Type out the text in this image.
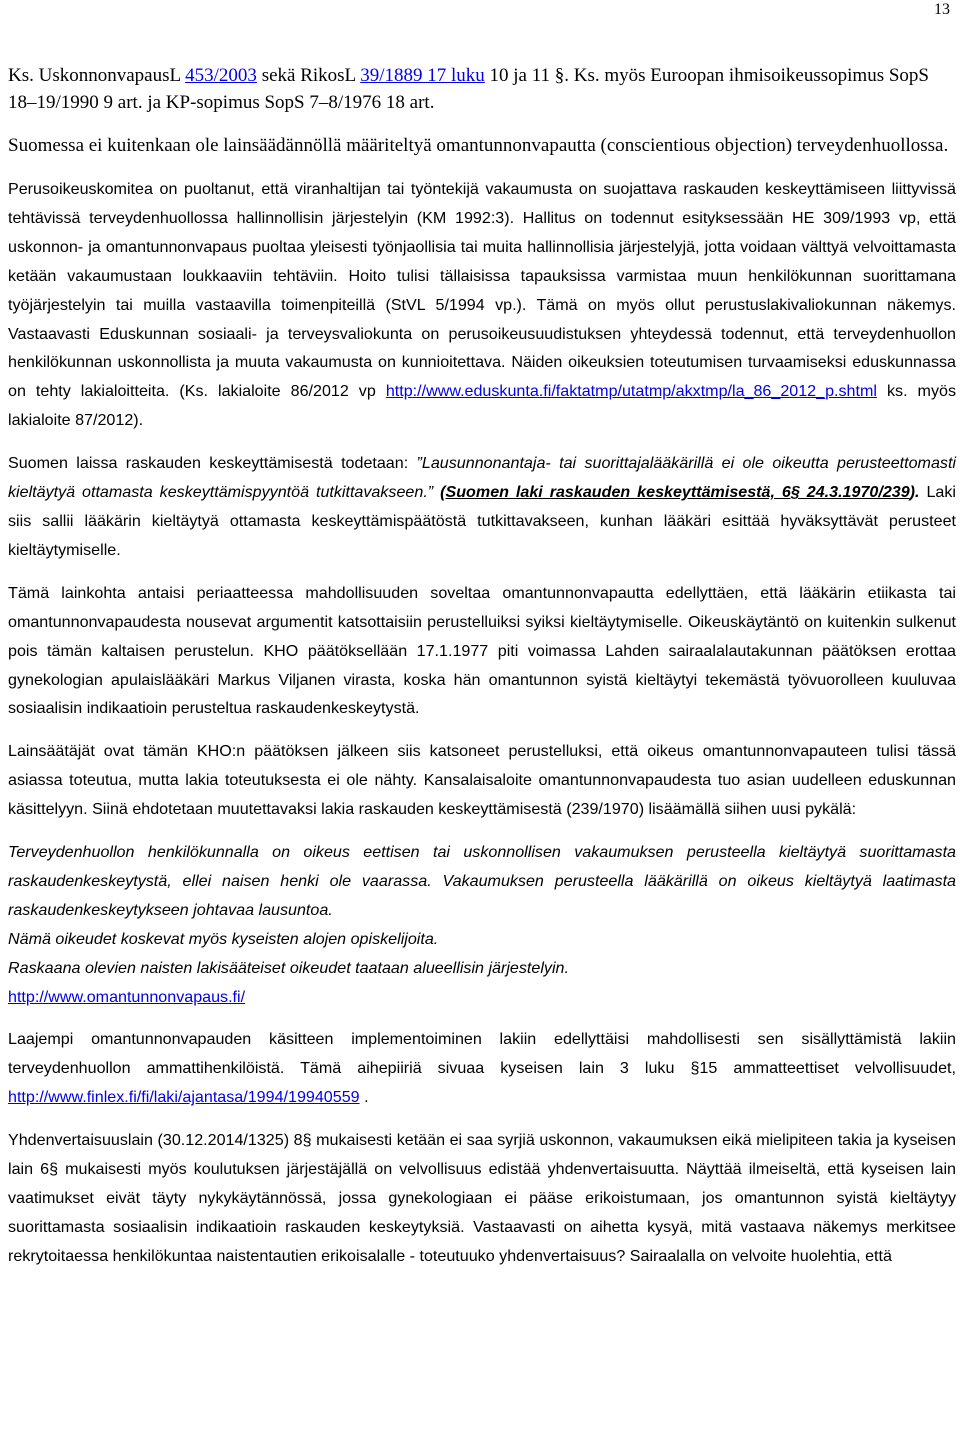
13

Ks. UskonnonvapausL 453/2003 sekä RikosL 39/1889 17 luku 10 ja 11 §. Ks. myös Euroopan ihmisoikeussopimus SopS 18–19/1990 9 art. ja KP-sopimus SopS 7–8/1976 18 art.

Suomessa ei kuitenkaan ole lainsäädännöllä määriteltyä omantunnonvapautta (conscientious objection) terveydenhuollossa.

Perusoikeuskomitea on puoltanut, että viranhaltijan tai työntekijä vakaumusta on suojattava raskauden keskeyttämiseen liittyvissä tehtävissä terveydenhuollossa hallinnollisin järjestelyin (KM 1992:3). Hallitus on todennut esityksessään HE 309/1993 vp, että uskonnon- ja omantunnonvapaus puoltaa yleisesti työnjaollisia tai muita hallinnollisia järjestelyjä, jotta voidaan välttyä velvoittamasta ketään vakaumustaan loukkaaviin tehtäviin. Hoito tulisi tällaisissa tapauksissa varmistaa muun henkilökunnan suorittamana työjärjestelyin tai muilla vastaavilla toimenpiteillä (StVL 5/1994 vp.). Tämä on myös ollut perustuslakivaliokunnan näkemys. Vastaavasti Eduskunnan sosiaali- ja terveysvaliokunta on perusoikeusuudistuksen yhteydessä todennut, että terveydenhuollon henkilökunnan uskonnollista ja muuta vakaumusta on kunnioitettava. Näiden oikeuksien toteutumisen turvaamiseksi eduskunnassa on tehty lakialoitteita. (Ks. lakialoite 86/2012 vp http://www.eduskunta.fi/faktatmp/utatmp/akxtmp/la_86_2012_p.shtml ks. myös lakialoite 87/2012).

Suomen laissa raskauden keskeyttämisestä todetaan: ”Lausunnonantaja- tai suorittajalääkärillä ei ole oikeutta perusteettomasti kieltäytyä ottamasta keskeyttämispyyntöä tutkittavakseen.” (Suomen laki raskauden keskeyttämisestä, 6§ 24.3.1970/239). Laki siis sallii lääkärin kieltäytyä ottamasta keskeyttämispäätöstä tutkittavakseen, kunhan lääkäri esittää hyväksyttävät perusteet kieltäytymiselle.

Tämä lainkohta antaisi periaatteessa mahdollisuuden soveltaa omantunnonvapautta edellyttäen, että lääkärin etiikasta tai omantunnonvapaudesta nousevat argumentit katsottaisiin perustelluiksi syiksi kieltäytymiselle. Oikeuskäytäntö on kuitenkin sulkenut pois tämän kaltaisen perustelun. KHO päätöksellään 17.1.1977 piti voimassa Lahden sairaalalautakunnan päätöksen erottaa gynekologian apulaislääkäri Markus Viljanen virasta, koska hän omantunnon syistä kieltäytyi tekemästä työvuorolleen kuuluvaa sosiaalisin indikaatioin perusteltua raskaudenkeskeytystä.

Lainsäätäjät ovat tämän KHO:n päätöksen jälkeen siis katsoneet perustelluksi, että oikeus omantunnonvapauteen tulisi tässä asiassa toteutua, mutta lakia toteutuksesta ei ole nähty. Kansalaisaloite omantunnonvapaudesta tuo asian uudelleen eduskunnan käsittelyyn. Siinä ehdotetaan muutettavaksi lakia raskauden keskeyttämisestä (239/1970) lisäämällä siihen uusi pykälä:

Terveydenhuollon henkilökunnalla on oikeus eettisen tai uskonnollisen vakaumuksen perusteella kieltäytyä suorittamasta raskaudenkeskeytystä, ellei naisen henki ole vaarassa. Vakaumuksen perusteella lääkärillä on oikeus kieltäytyä laatimasta raskaudenkeskeytykseen johtavaa lausuntoa.
Nämä oikeudet koskevat myös kyseisten alojen opiskelijoita.
Raskaana olevien naisten lakisääteiset oikeudet taataan alueellisin järjestelyin.
http://www.omantunnonvapaus.fi/

Laajempi omantunnonvapauden käsitteen implementoiminen lakiin edellyttäisi mahdollisesti sen sisällyttämistä lakiin terveydenhuollon ammattihenkilöistä. Tämä aihepiiriä sivuaa kyseisen lain 3 luku §15 ammatteettiset velvollisuudet, http://www.finlex.fi/fi/laki/ajantasa/1994/19940559 .

Yhdenvertaisuuslain (30.12.2014/1325) 8§ mukaisesti ketään ei saa syrjiä uskonnon, vakaumuksen eikä mielipiteen takia ja kyseisen lain 6§ mukaisesti myös koulutuksen järjestäjällä on velvollisuus edistää yhdenvertaisuutta. Näyttää ilmeiseltä, että kyseisen lain vaatimukset eivät täyty nykykäytännössä, jossa gynekologiaan ei pääse erikoistumaan, jos omantunnon syistä kieltäytyy suorittamasta sosiaalisin indikaatioin raskauden keskeytyksiä. Vastaavasti on aihetta kysyä, mitä vastaava näkemys merkitsee rekrytoitaessa henkilökuntaa naistentautien erikoisalalle - toteutuuko yhdenvertaisuus? Sairaalalla on velvoite huolehtia, että
